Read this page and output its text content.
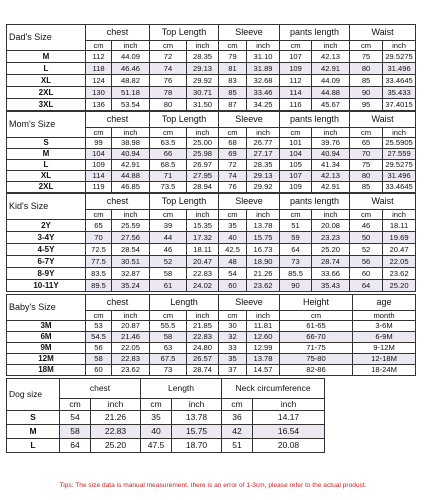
Dad's Size	chest		Top Length		Sleeve		pants length		Waist	
	cm	inch	cm	inch	cm	inch	cm	inch	cm	inch
M	112	44.09	72	28.35	79	31.10	107	42.13	75	29.5275
L	118	46.46	74	29.13	81	31.89	109	42.91	80	31.496
XL	124	48.82	76	29.92	83	32.68	112	44.09	85	33.4645
2XL	130	51.18	78	30.71	85	33.46	114	44.88	90	35.433
3XL	136	53.54	80	31.50	87	34.25	116	45.67	95	37.4015
Mom's Size	chest		Top Length		Sleeve		pants length		Waist	
	cm	inch	cm	inch	cm	inch	cm	inch	cm	inch
S	99	38.98	63.5	25.00	68	26.77	101	39.76	65	25.5905
M	104	40.94	66	25.98	69	27.17	104	40.94	70	27.559
L	109	42.91	68.5	26.97	72	28.35	105	41.34	75	29.5275
XL	114	44.88	71	27.95	74	29.13	107	42.13	80	31.496
2XL	119	46.85	73.5	28.94	76	29.92	109	42.91	85	33.4645
Kid's Size	chest		Top Length		Sleeve		pants length		Waist	
	cm	inch	cm	inch	cm	inch	cm	inch	cm	inch
2Y	65	25.59	39	15.35	35	13.78	51	20.08	46	18.11
3-4Y	70	27.56	44	17.32	40	15.75	59	23.23	50	19.69
4-5Y	72.5	28.54	46	18.11	42.5	16.73	64	25.20	52	20.47
6-7Y	77.5	30.51	52	20.47	48	18.90	73	28.74	56	22.05
8-9Y	83.5	32.87	58	22.83	54	21.26	85.5	33.66	60	23.62
10-11Y	89.5	35.24	61	24.02	60	23.62	90	35.43	64	25.20
Baby's Size	chest		Length		Sleeve		Height	age
	cm	inch	cm	inch	cm	inch	cm	month
3M	53	20.87	55.5	21.85	30	11.81	61-65	3-6M
6M	54.5	21.46	58	22.83	32	12.60	66-70	6-9M
9M	56	22.05	63	24.80	33	12.99	71-75	9-12M
12M	58	22.83	67.5	26.57	35	13.78	75-80	12-18M
18M	60	23.62	73	28.74	37	14.57	82-86	18-24M
Dog size	chest		Length		Neck circumference	
	cm	inch	cm	inch	cm	inch
S	54	21.26	35	13.78	36	14.17
M	58	22.83	40	15.75	42	16.54
L	64	25.20	47.5	18.70	51	20.08
Tips: The size data is manual measurement, there is an error of 1-3cm, please refer to the actual product.
